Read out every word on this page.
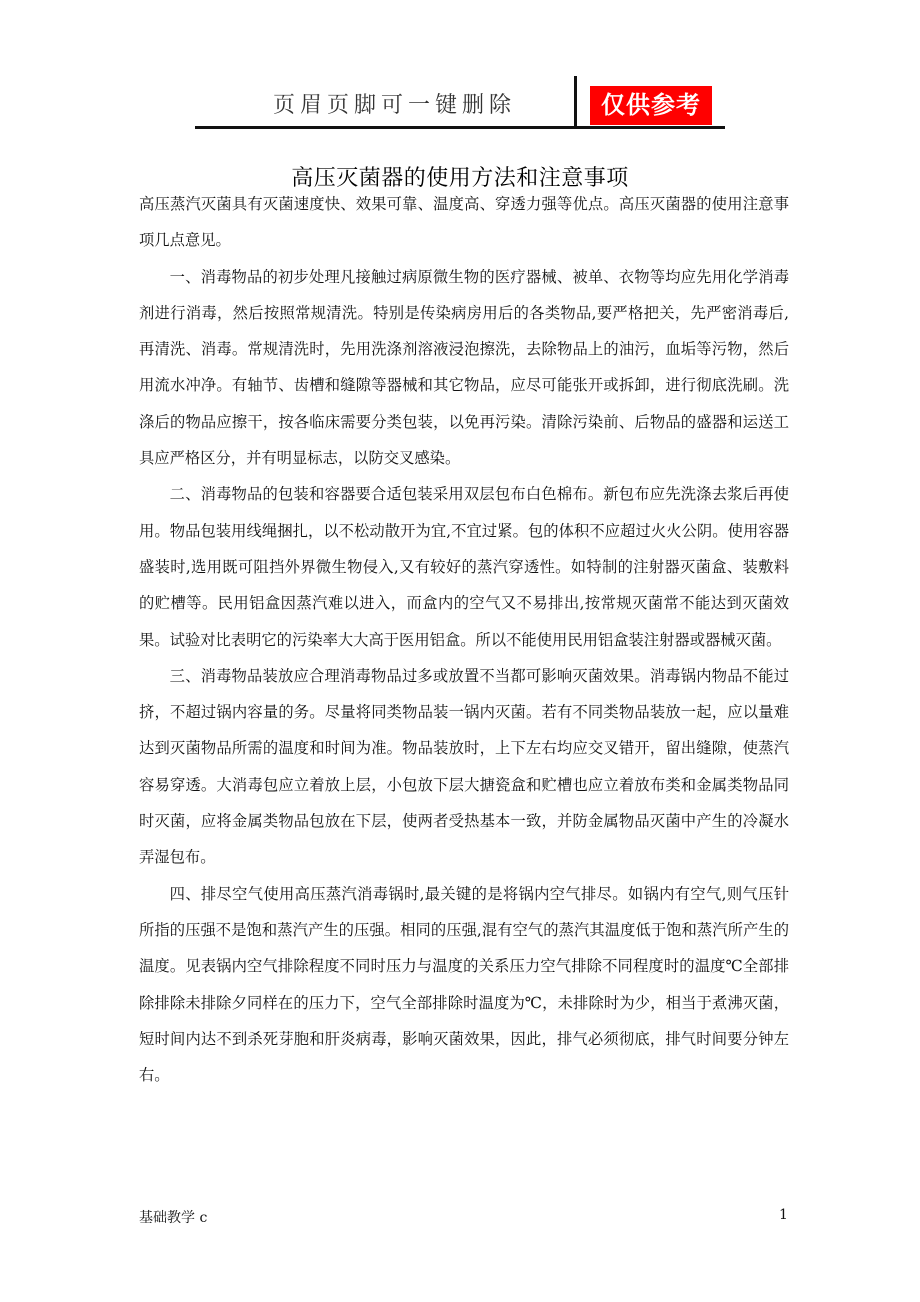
页眉页脚可一键删除	仅供参考
高压灭菌器的使用方法和注意事项

高压蒸汽灭菌具有灭菌速度快、效果可靠、温度高、穿透力强等优点。高压灭菌器的使用注意事项几点意见。

一、消毒物品的初步处理凡接触过病原微生物的医疗器械、被单、衣物等均应先用化学消毒剂进行消毒，然后按照常规清洗。特别是传染病房用后的各类物品,要严格把关，先严密消毒后,再清洗、消毒。常规清洗时，先用洗涤剂溶液浸泡擦洗，去除物品上的油污，血垢等污物，然后用流水冲净。有轴节、齿槽和缝隙等器械和其它物品，应尽可能张开或拆卸，进行彻底洗刷。洗涤后的物品应擦干，按各临床需要分类包装，以免再污染。清除污染前、后物品的盛器和运送工具应严格区分，并有明显标志，以防交叉感染。

二、消毒物品的包装和容器要合适包装采用双层包布白色棉布。新包布应先洗涤去浆后再使用。物品包装用线绳捆扎，以不松动散开为宜,不宜过紧。包的体积不应超过火火公阴。使用容器盛装时,选用既可阻挡外界微生物侵入,又有较好的蒸汽穿透性。如特制的注射器灭菌盒、装敷料的贮槽等。民用铝盒因蒸汽难以进入，而盒内的空气又不易排出,按常规灭菌常不能达到灭菌效果。试验对比表明它的污染率大大高于医用铝盒。所以不能使用民用铝盒装注射器或器械灭菌。

三、消毒物品装放应合理消毒物品过多或放置不当都可影响灭菌效果。消毒锅内物品不能过挤，不超过锅内容量的务。尽量将同类物品装一锅内灭菌。若有不同类物品装放一起，应以量难达到灭菌物品所需的温度和时间为准。物品装放时，上下左右均应交叉错开，留出缝隙，使蒸汽容易穿透。大消毒包应立着放上层，小包放下层大搪瓷盒和贮槽也应立着放布类和金属类物品同时灭菌，应将金属类物品包放在下层，使两者受热基本一致，并防金属物品灭菌中产生的冷凝水弄湿包布。

四、排尽空气使用高压蒸汽消毒锅时,最关键的是将锅内空气排尽。如锅内有空气,则气压针所指的压强不是饱和蒸汽产生的压强。相同的压强,混有空气的蒸汽其温度低于饱和蒸汽所产生的温度。见表锅内空气排除程度不同时压力与温度的关系压力空气排除不同程度时的温度℃全部排除排除未排除夕同样在的压力下，空气全部排除时温度为℃，未排除时为少，相当于煮沸灭菌，短时间内达不到杀死芽胞和肝炎病毒，影响灭菌效果，因此，排气必须彻底，排气时间要分钟左右。

基础教学 c	1
